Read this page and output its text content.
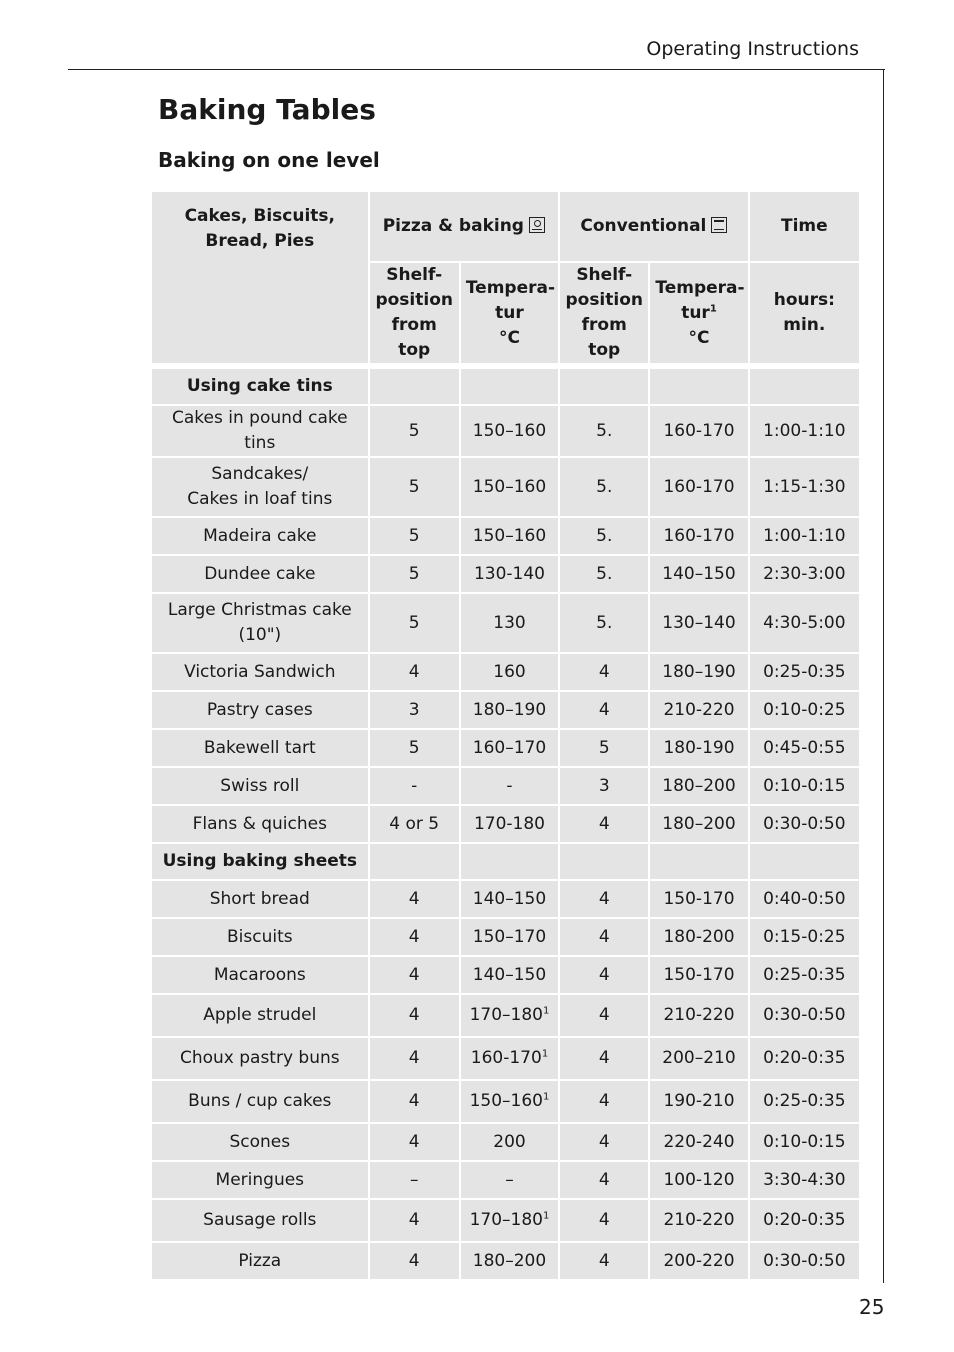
Operating Instructions
Baking Tables
Baking on one level
Cakes, Biscuits, Bread, Pies	Pizza & baking		Conventional		Time
	Shelf-
position
from top	Tempera-
tur
°C	Shelf-
position
from top	Tempera-
tur$^1$
°C	hours: min.

Using cake tins					
Cakes in pound cake tins	5	150–160	5.	160-170	1:00-1:10
Sandcakes/
Cakes in loaf tins	5	150–160	5.	160-170	1:15-1:30
Madeira cake	5	150–160	5.	160-170	1:00-1:10
Dundee cake	5	130-140	5.	140–150	2:30-3:00
Large Christmas cake
(10")	5	130	5.	130–140	4:30-5:00
Victoria Sandwich	4	160	4	180–190	0:25-0:35
Pastry cases	3	180–190	4	210-220	0:10-0:25
Bakewell tart	5	160–170	5	180-190	0:45-0:55
Swiss roll	-	-	3	180–200	0:10-0:15
Flans & quiches	4 or 5	170-180	4	180–200	0:30-0:50
Using baking sheets					
Short bread	4	140–150	4	150-170	0:40-0:50
Biscuits	4	150–170	4	180-200	0:15-0:25
Macaroons	4	140–150	4	150-170	0:25-0:35
Apple strudel	4	$170-180^1$	4	210-220	0:30-0:50
Choux pastry buns	4	$160-170^1$	4	200–210	0:20-0:35
Buns / cup cakes	4	$150-160^1$	4	190-210	0:25-0:35
Scones	4	200	4	220-240	0:10-0:15
Meringues	–	–	4	100-120	3:30-4:30
Sausage rolls	4	$170-180^1$	4	210-220	0:20-0:35
Pizza	4	180–200	4	200-220	0:30-0:50
25
